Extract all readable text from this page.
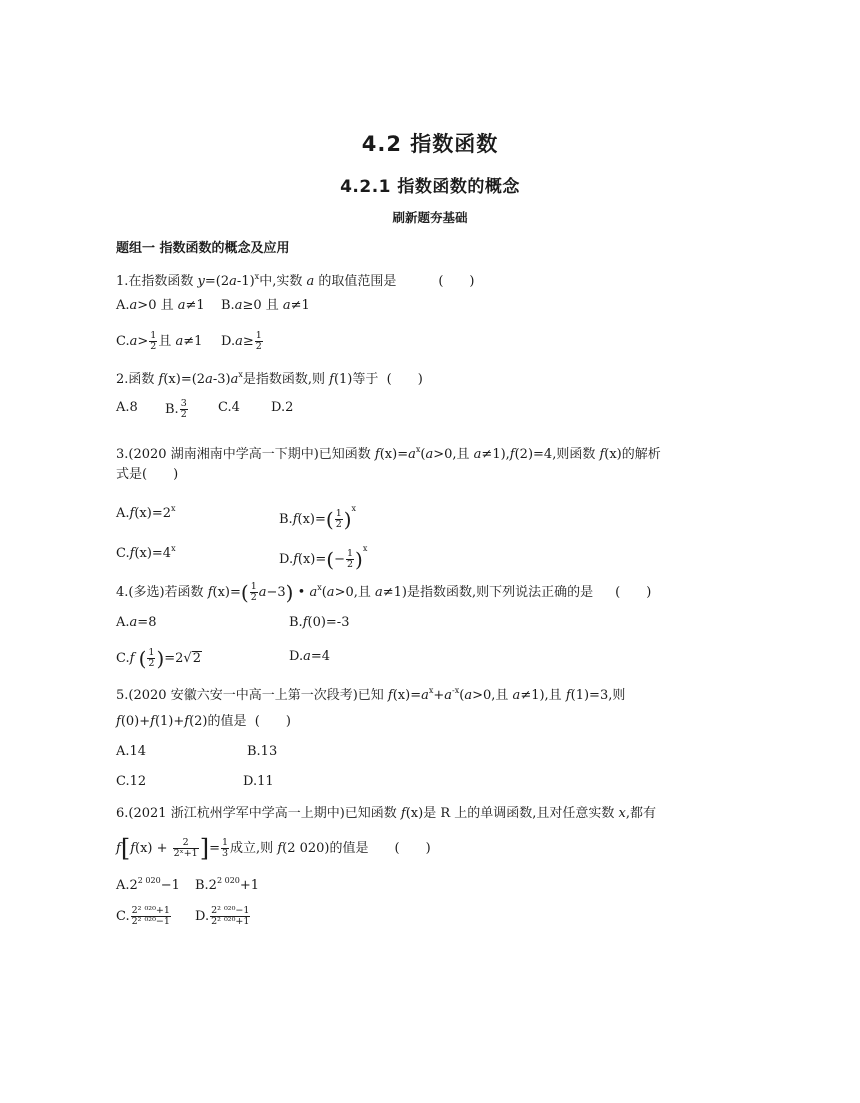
4.2 指数函数
4.2.1 指数函数的概念
刷新题夯基础
题组一 指数函数的概念及应用
1.在指数函数 $y=(2a-1)^x$中,实数 a 的取值范围是	(　　)
A.a>0 且 a≠1 B.a≥0 且 a≠1
$C.a> \frac{1}{2}$ 且 a≠1 $D.a\ge \frac{1}{2}$
2.函数 $f(x)=(2a-3)a^x$是指数函数,则 f(1)等于 (　　)
A.8 B. $\frac{3}{2} C.4$ D.2
3.(2020 湖南湘南中学高一下期中)已知函数 $f(x)=a^x(a>0$,且 a≠1),f(2)=4,则函数 f(x)的解析
式是(　　)
$A.f(x)=2^x$
$B.f(x)=( \frac{1}{2} )^x$
$C.f(x)=4^x$
$D.f(x)=(- \frac{1}{2} )^x$
4.(多选)若函数 $f(x)=( \frac{1}{2} a-3)$ • $a^x(a>0$,且 a≠1)是指数函数,则下列说法正确的是 (　　)
A.a=8	B.f(0)=-3
C.f ( $\frac{1}{2} )=2√2$	D.a=4
5.(2020 安徽六安一中高一上第一次段考)已知 $f(x)=a^x+a^{-x}(a>0$,且 a≠1),且 f(1)=3,则
f(0)+f(1)+f(2)的值是 (　　)
A.14	B.13
C.12	D.11
6.(2021 浙江杭州学军中学高一上期中)已知函数 f(x)是 R 上的单调函数,且对任意实数 x,都有
$f[f(x) + \frac{2}{\text{2ˣ+1}}$ ]= $\frac{1}{3}$ 成立,则 f(2 020)的值是 (　　)
$A.2^{2 020}-1$ $B.2^{2 020}+1$
C. $\frac{\text{2² ⁰²⁰+1}}{\text{2² ⁰²⁰−1}} D$. $\frac{\text{2² ⁰²⁰−1}}{\text{2² ⁰²⁰+1}}$
